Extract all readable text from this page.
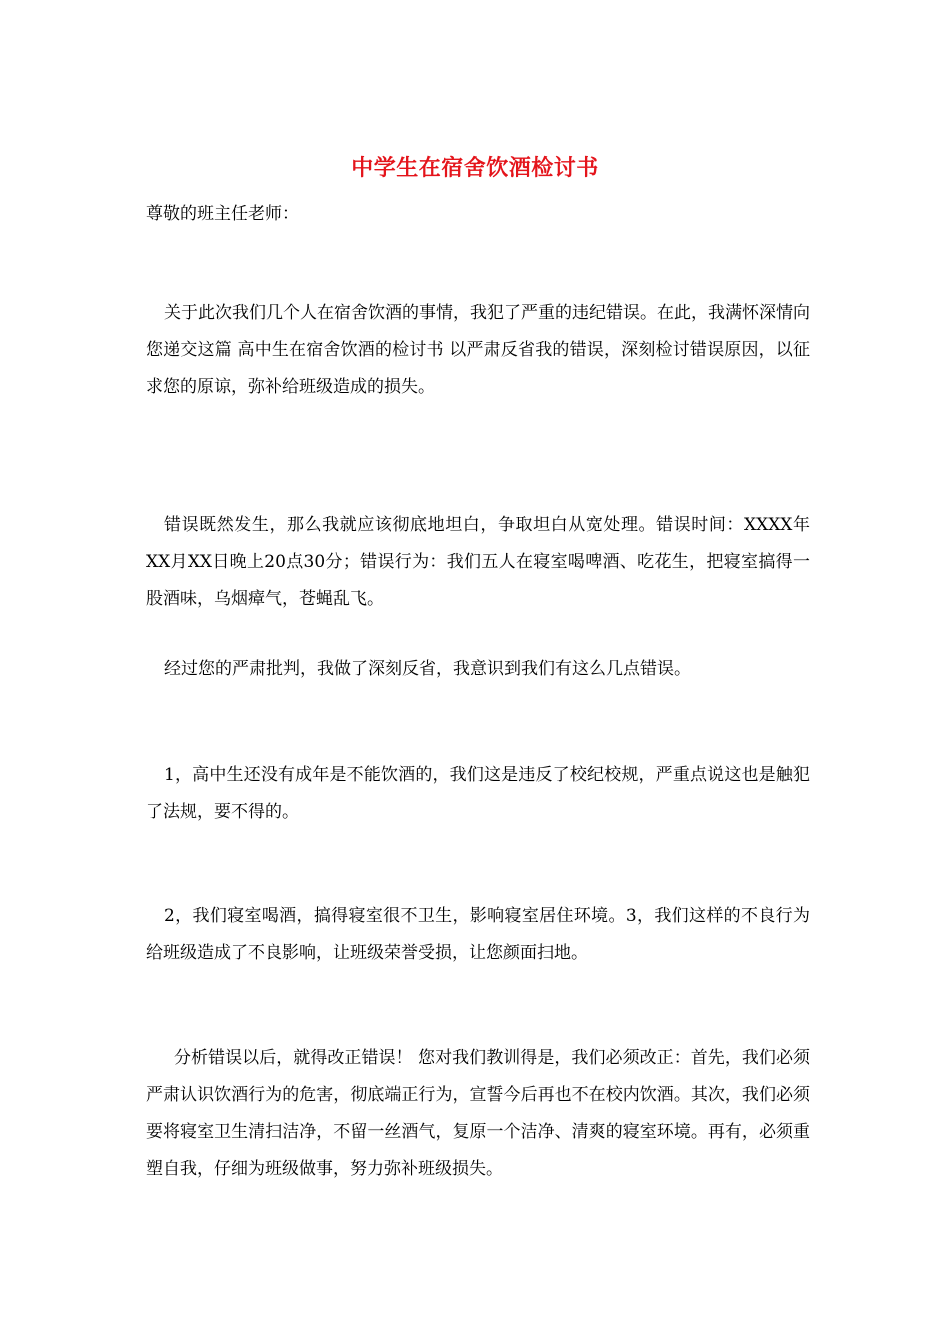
中学生在宿舍饮酒检讨书
尊敬的班主任老师：

关于此次我们几个人在宿舍饮酒的事情，我犯了严重的违纪错误。在此，我满怀深情向您递交这篇 高中生在宿舍饮酒的检讨书 以严肃反省我的错误，深刻检讨错误原因，以征求您的原谅，弥补给班级造成的损失。

错误既然发生，那么我就应该彻底地坦白，争取坦白从宽处理。错误时间：XXXX年XX月XX日晚上20点30分；错误行为：我们五人在寝室喝啤酒、吃花生，把寝室搞得一股酒味，乌烟瘴气，苍蝇乱飞。

经过您的严肃批判，我做了深刻反省，我意识到我们有这么几点错误。

1，高中生还没有成年是不能饮酒的，我们这是违反了校纪校规，严重点说这也是触犯了法规，要不得的。

2，我们寝室喝酒，搞得寝室很不卫生，影响寝室居住环境。3，我们这样的不良行为给班级造成了不良影响，让班级荣誉受损，让您颜面扫地。

分析错误以后，就得改正错误！ 您对我们教训得是，我们必须改正：首先，我们必须严肃认识饮酒行为的危害，彻底端正行为，宣誓今后再也不在校内饮酒。其次，我们必须要将寝室卫生清扫洁净，不留一丝酒气，复原一个洁净、清爽的寝室环境。再有，必须重塑自我，仔细为班级做事，努力弥补班级损失。
